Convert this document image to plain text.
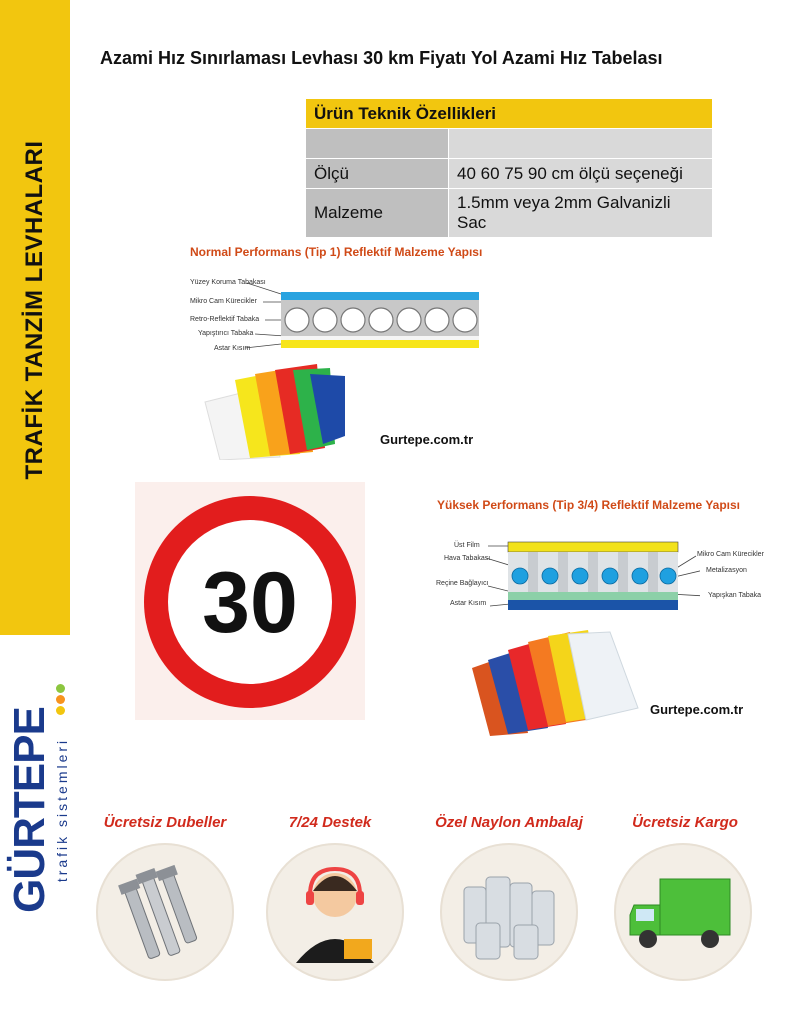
TRAFİK TANZİM LEVHALARI
GÜRTEPE trafik sistemleri
Azami Hız Sınırlaması Levhası 30 km Fiyatı Yol Azami Hız Tabelası
Ürün Teknik Özellikleri	

Ölçü	40 60 75 90 cm ölçü seçeneği
Malzeme	1.5mm veya 2mm Galvanizli Sac
Normal Performans (Tip 1) Reflektif Malzeme Yapısı
Yüzey Koruma Tabakası
Mikro Cam Kürecikler
Retro-Reflektif Tabaka
Yapıştırıcı Tabaka
Astar Kısım
Gurtepe.com.tr
30
Yüksek Performans (Tip 3/4) Reflektif Malzeme Yapısı
Üst Film
Hava Tabakası
Reçine Bağlayıcı
Astar Kısım
Mikro Cam Kürecikler
Metalizasyon
Yapışkan Tabaka
Gurtepe.com.tr
Ücretsiz Dubeller	7/24 Destek	Özel Naylon Ambalaj	Ücretsiz Kargo
